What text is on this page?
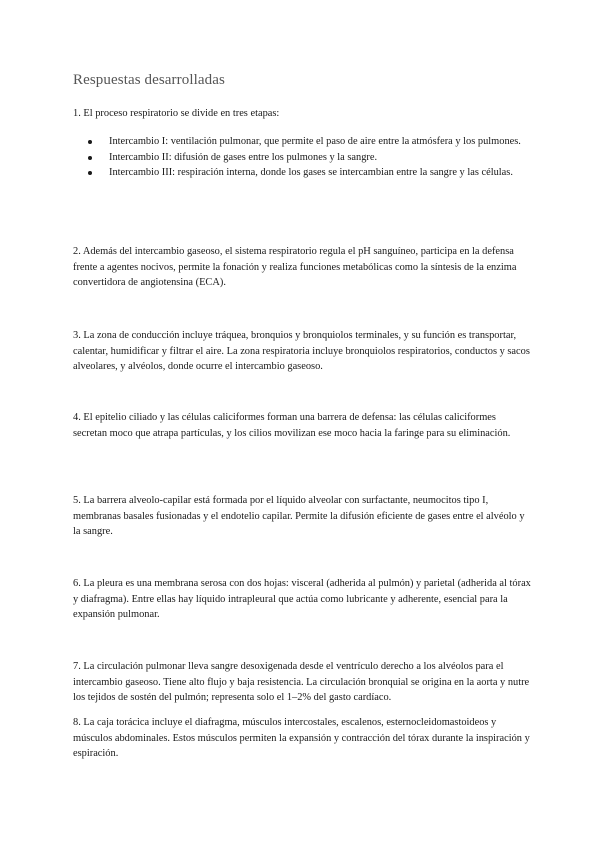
Respuestas desarrolladas

1. El proceso respiratorio se divide en tres etapas:

Intercambio I: ventilación pulmonar, que permite el paso de aire entre la atmósfera y los pulmones.
Intercambio II: difusión de gases entre los pulmones y la sangre.
Intercambio III: respiración interna, donde los gases se intercambian entre la sangre y las células.

2. Además del intercambio gaseoso, el sistema respiratorio regula el pH sanguíneo, participa en la defensa frente a agentes nocivos, permite la fonación y realiza funciones metabólicas como la síntesis de la enzima convertidora de angiotensina (ECA).

3. La zona de conducción incluye tráquea, bronquios y bronquiolos terminales, y su función es transportar, calentar, humidificar y filtrar el aire. La zona respiratoria incluye bronquiolos respiratorios, conductos y sacos alveolares, y alvéolos, donde ocurre el intercambio gaseoso.

4. El epitelio ciliado y las células caliciformes forman una barrera de defensa: las células caliciformes secretan moco que atrapa partículas, y los cilios movilizan ese moco hacia la faringe para su eliminación.

5. La barrera alveolo-capilar está formada por el líquido alveolar con surfactante, neumocitos tipo I, membranas basales fusionadas y el endotelio capilar. Permite la difusión eficiente de gases entre el alvéolo y la sangre.

6. La pleura es una membrana serosa con dos hojas: visceral (adherida al pulmón) y parietal (adherida al tórax y diafragma). Entre ellas hay líquido intrapleural que actúa como lubricante y adherente, esencial para la expansión pulmonar.

7. La circulación pulmonar lleva sangre desoxigenada desde el ventrículo derecho a los alvéolos para el intercambio gaseoso. Tiene alto flujo y baja resistencia. La circulación bronquial se origina en la aorta y nutre los tejidos de sostén del pulmón; representa solo el 1–2% del gasto cardíaco.

8. La caja torácica incluye el diafragma, músculos intercostales, escalenos, esternocleidomastoideos y músculos abdominales. Estos músculos permiten la expansión y contracción del tórax durante la inspiración y espiración.
